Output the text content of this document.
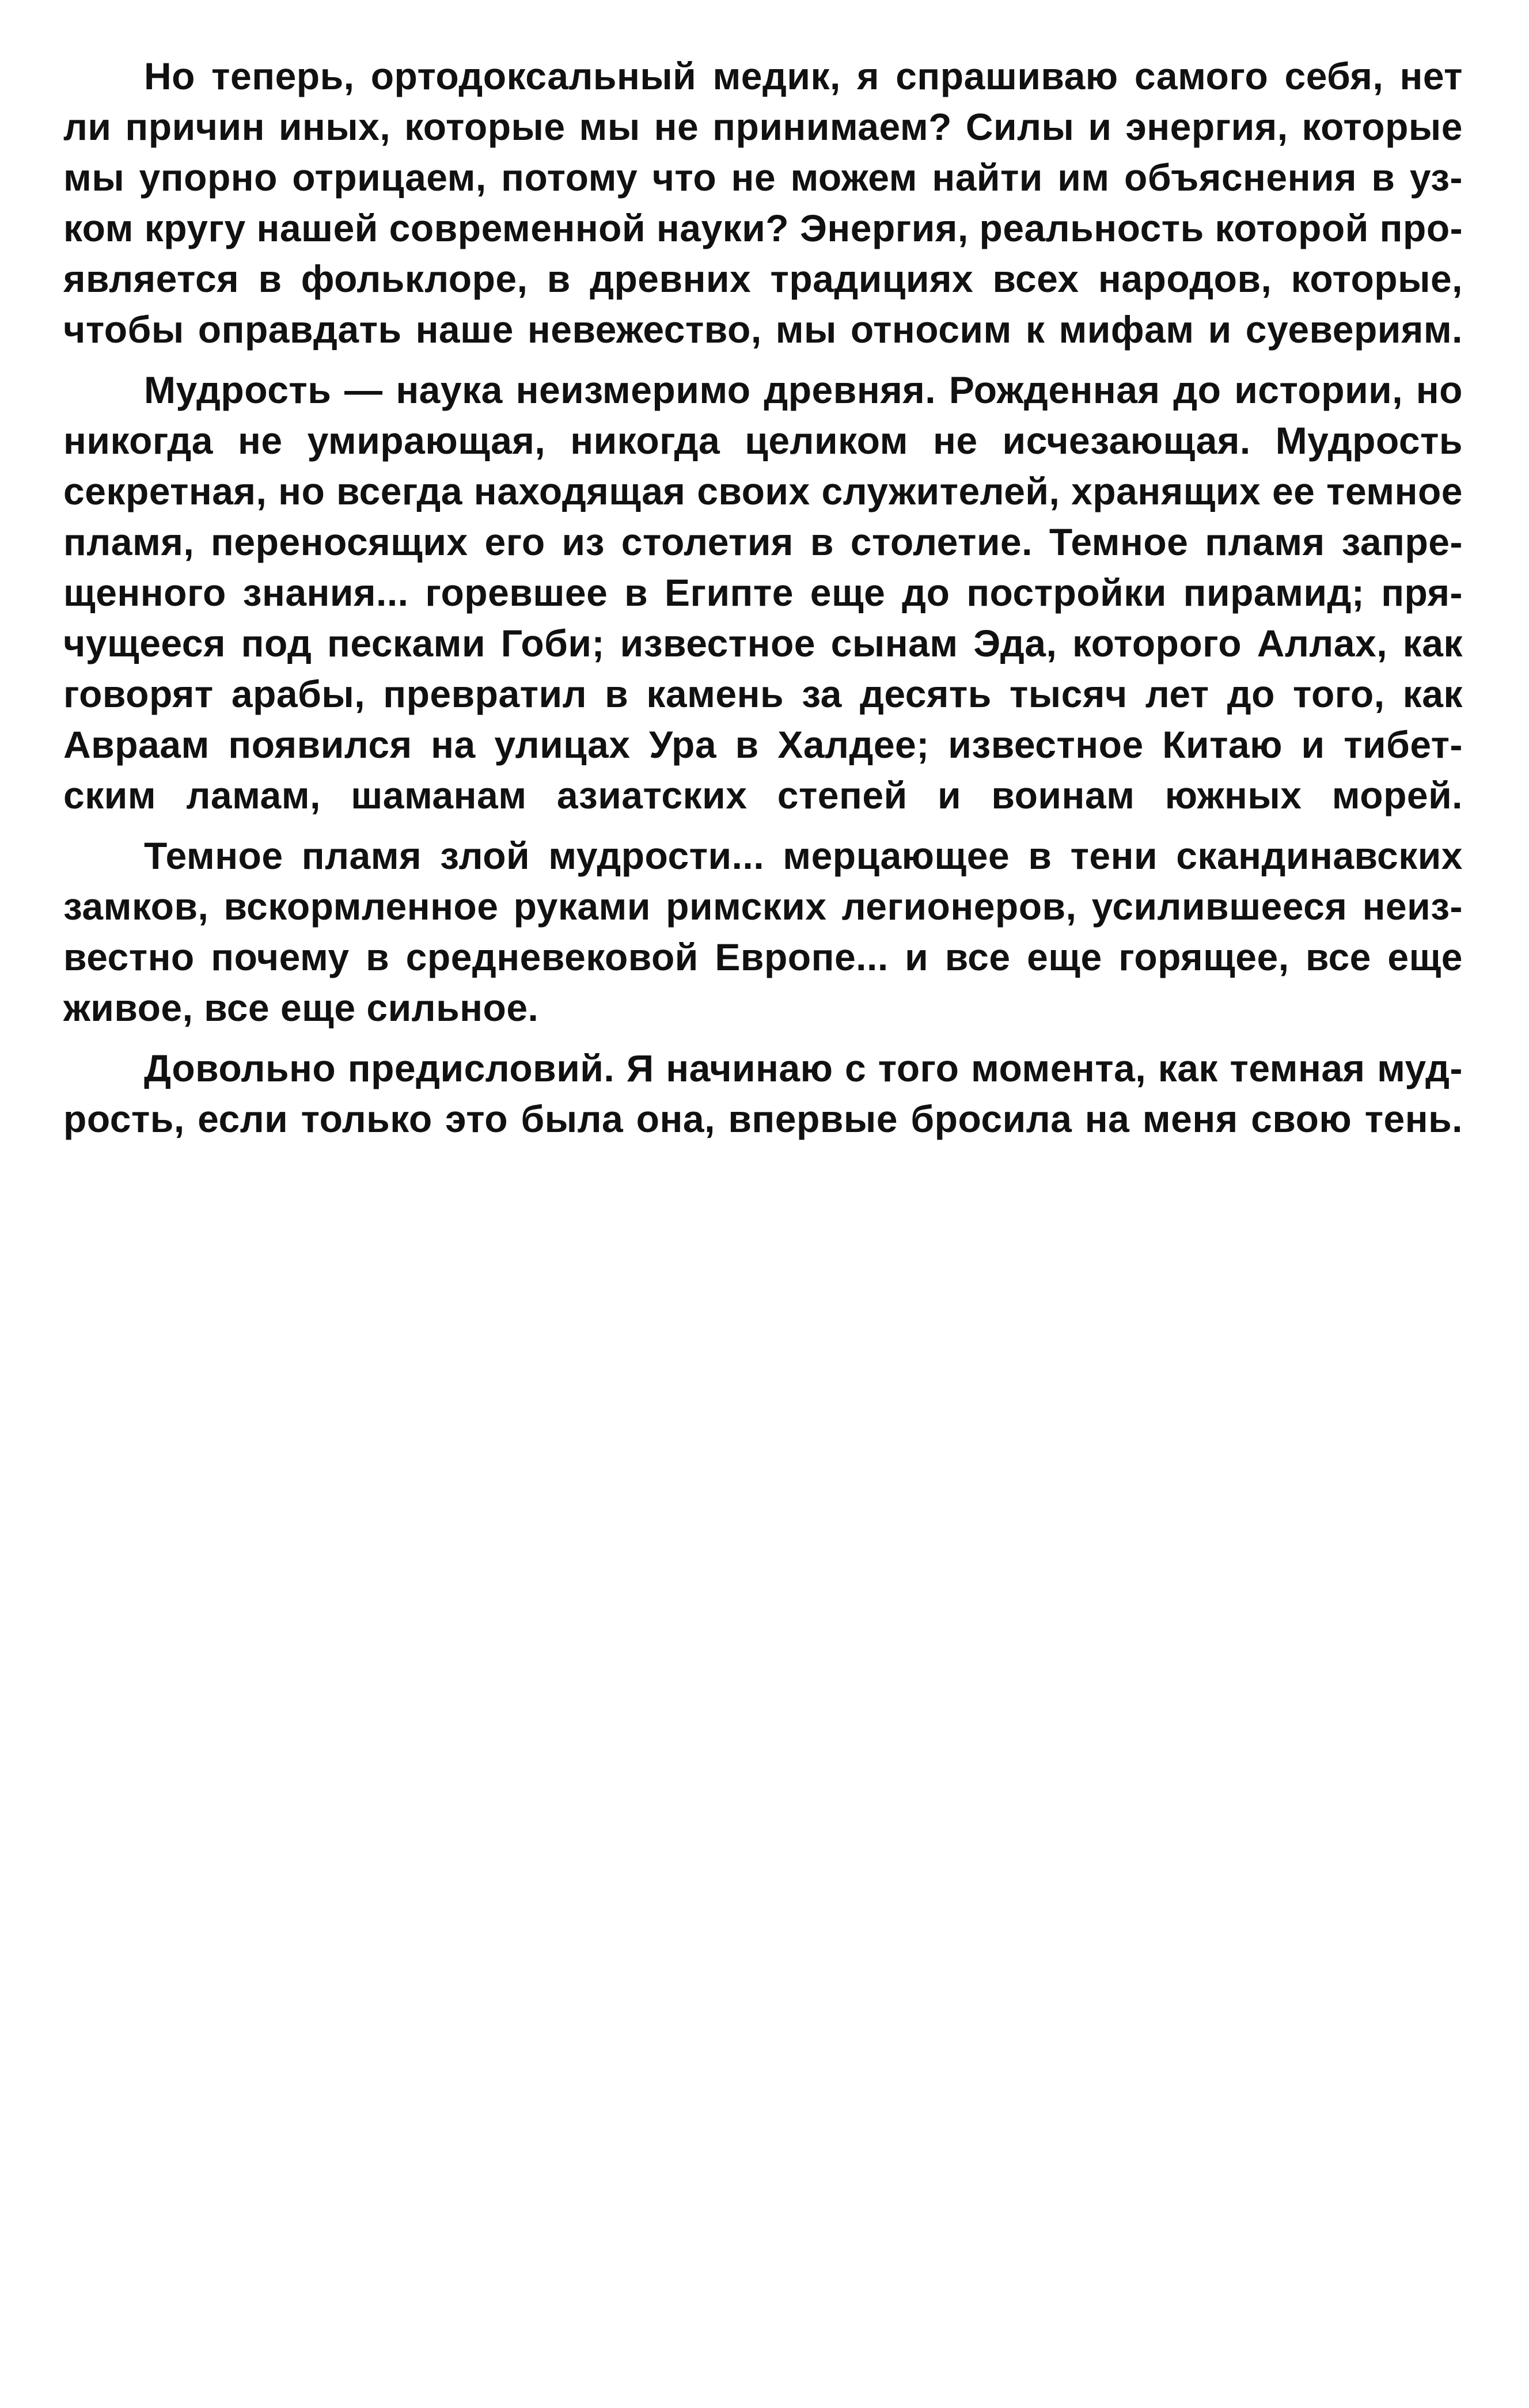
Но теперь, ортодоксальный медик, я спрашиваю самого себя, нет
ли причин иных, которые мы не принимаем? Силы и энергия, которые
мы упорно отрицаем, потому что не можем найти им объяснения в уз-
ком кругу нашей современной науки? Энергия, реальность которой про-
является в фольклоре, в древних традициях всех народов, которые,
чтобы оправдать наше невежество, мы относим к мифам и суевериям.
Мудрость — наука неизмеримо древняя. Рожденная до истории, но
никогда не умирающая, никогда целиком не исчезающая. Мудрость
секретная, но всегда находящая своих служителей, хранящих ее темное
пламя, переносящих его из столетия в столетие. Темное пламя запре-
щенного знания... горевшее в Египте еще до постройки пирамид; пря-
чущееся под песками Гоби; известное сынам Эда, которого Аллах, как
говорят арабы, превратил в камень за десять тысяч лет до того, как
Авраам появился на улицах Ура в Халдее; известное Китаю и тибет-
ским ламам, шаманам азиатских степей и воинам южных морей.
Темное пламя злой мудрости... мерцающее в тени скандинавских
замков, вскормленное руками римских легионеров, усилившееся неиз-
вестно почему в средневековой Европе... и все еще горящее, все еще
живое, все еще сильное.
Довольно предисловий. Я начинаю с того момента, как темная муд-
рость, если только это была она, впервые бросила на меня свою тень.
